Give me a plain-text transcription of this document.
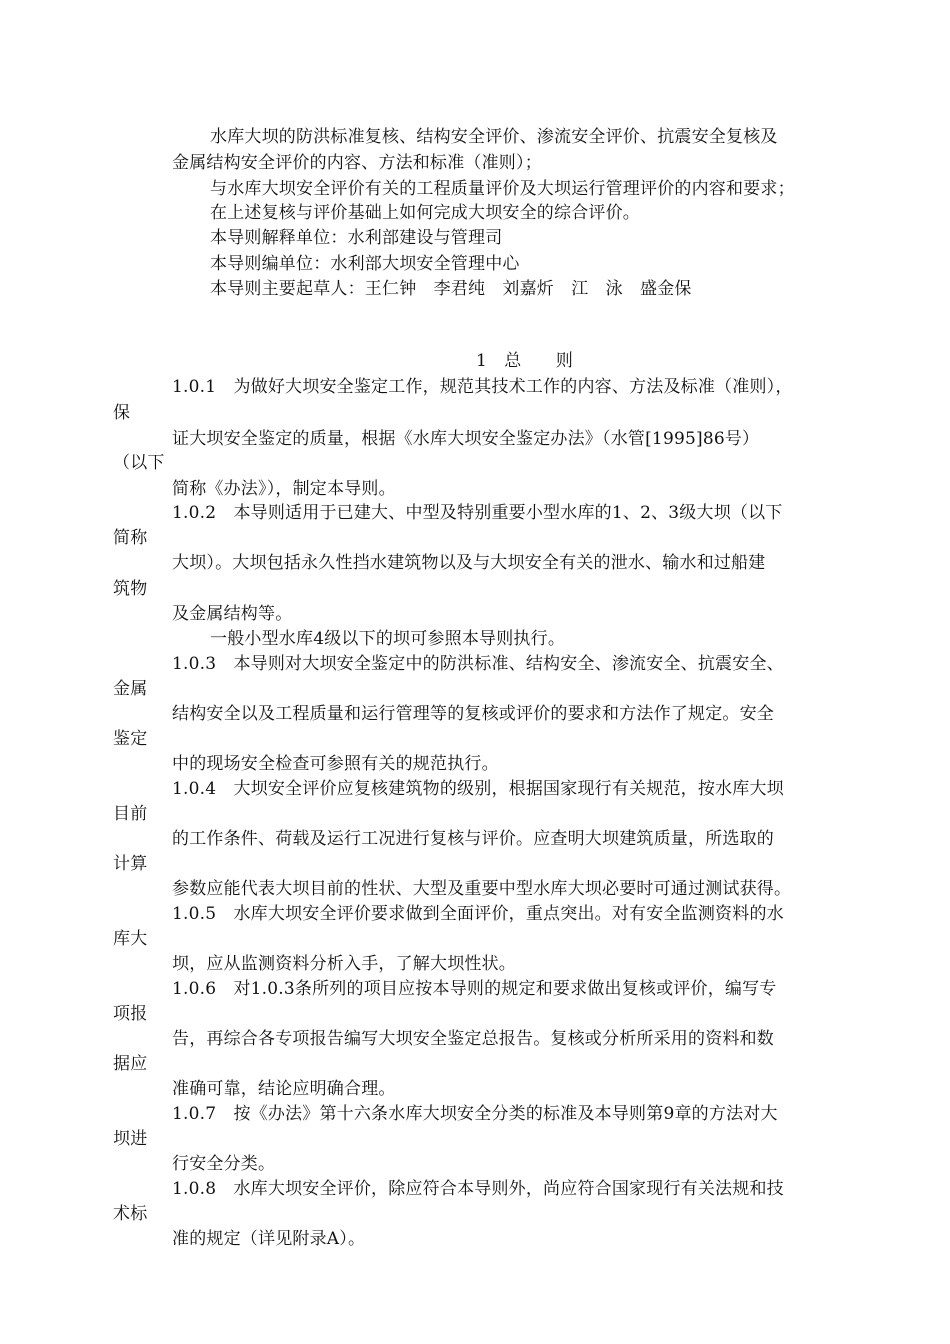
水库大坝的防洪标准复核、结构安全评价、渗流安全评价、抗震安全复核及
金属结构安全评价的内容、方法和标准（准则）；
与水库大坝安全评价有关的工程质量评价及大坝运行管理评价的内容和要求；
在上述复核与评价基础上如何完成大坝安全的综合评价。
本导则解释单位：水利部建设与管理司
本导则编单位：水利部大坝安全管理中心
本导则主要起草人：王仁钟　李君纯　刘嘉炘　江　泳　盛金保
1　总　　则
1.0.1　为做好大坝安全鉴定工作，规范其技术工作的内容、方法及标准（准则），
保
证大坝安全鉴定的质量，根据《水库大坝安全鉴定办法》（水管[1995]86号）
（以下
简称《办法》），制定本导则。
1.0.2　本导则适用于已建大、中型及特别重要小型水库的1、2、3级大坝（以下
简称
大坝）。大坝包括永久性挡水建筑物以及与大坝安全有关的泄水、输水和过船建
筑物
及金属结构等。
一般小型水库4级以下的坝可参照本导则执行。
1.0.3　本导则对大坝安全鉴定中的防洪标准、结构安全、渗流安全、抗震安全、
金属
结构安全以及工程质量和运行管理等的复核或评价的要求和方法作了规定。安全
鉴定
中的现场安全检查可参照有关的规范执行。
1.0.4　大坝安全评价应复核建筑物的级别，根据国家现行有关规范，按水库大坝
目前
的工作条件、荷载及运行工况进行复核与评价。应查明大坝建筑质量，所选取的
计算
参数应能代表大坝目前的性状、大型及重要中型水库大坝必要时可通过测试获得。
1.0.5　水库大坝安全评价要求做到全面评价，重点突出。对有安全监测资料的水
库大
坝，应从监测资料分析入手，了解大坝性状。
1.0.6　对1.0.3条所列的项目应按本导则的规定和要求做出复核或评价，编写专
项报
告，再综合各专项报告编写大坝安全鉴定总报告。复核或分析所采用的资料和数
据应
准确可靠，结论应明确合理。
1.0.7　按《办法》第十六条水库大坝安全分类的标准及本导则第9章的方法对大
坝进
行安全分类。
1.0.8　水库大坝安全评价，除应符合本导则外，尚应符合国家现行有关法规和技
术标
准的规定（详见附录A）。
